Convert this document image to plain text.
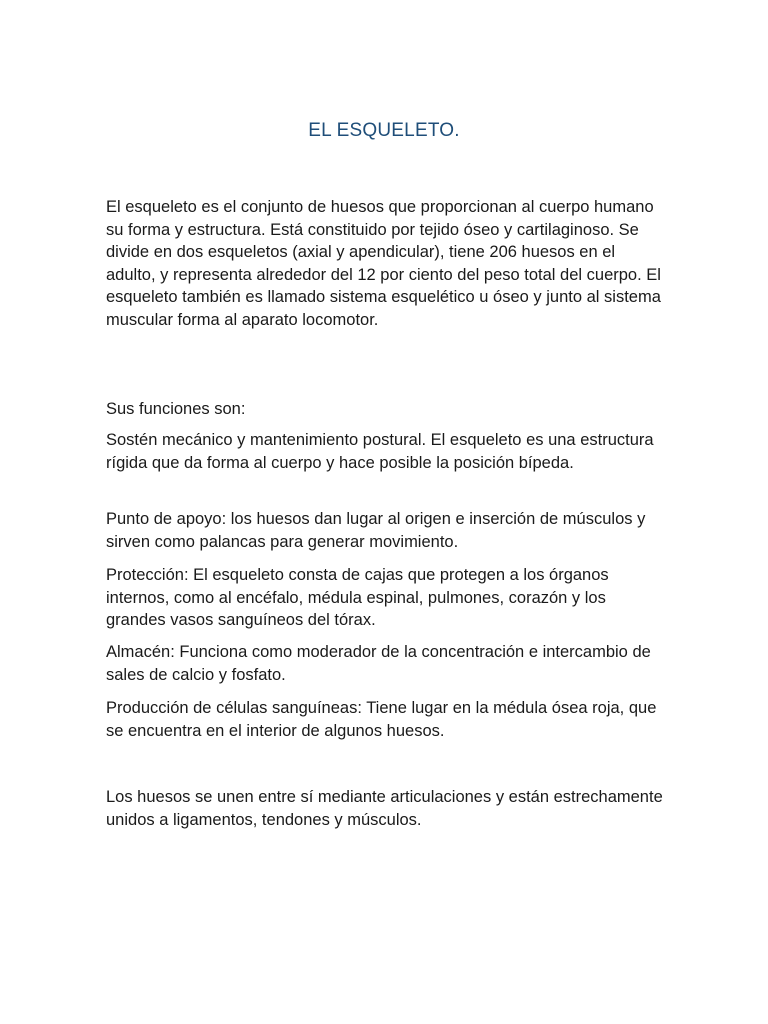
EL ESQUELETO.

El esqueleto es el conjunto de huesos que proporcionan al cuerpo humano su forma y estructura. Está constituido por tejido óseo y cartilaginoso. Se divide en dos esqueletos (axial y apendicular), tiene 206 huesos en el adulto, y representa alrededor del 12 por ciento del peso total del cuerpo. El esqueleto también es llamado sistema esquelético u óseo y junto al sistema muscular forma al aparato locomotor.

Sus funciones son:

Sostén mecánico y mantenimiento postural. El esqueleto es una estructura rígida que da forma al cuerpo y hace posible la posición bípeda.

Punto de apoyo: los huesos dan lugar al origen e inserción de músculos y sirven como palancas para generar movimiento.

Protección: El esqueleto consta de cajas que protegen a los órganos internos, como al encéfalo, médula espinal, pulmones, corazón y los grandes vasos sanguíneos del tórax.

Almacén: Funciona como moderador de la concentración e intercambio de sales de calcio y fosfato.

Producción de células sanguíneas: Tiene lugar en la médula ósea roja, que se encuentra en el interior de algunos huesos.

Los huesos se unen entre sí mediante articulaciones y están estrechamente unidos a ligamentos, tendones y músculos.
